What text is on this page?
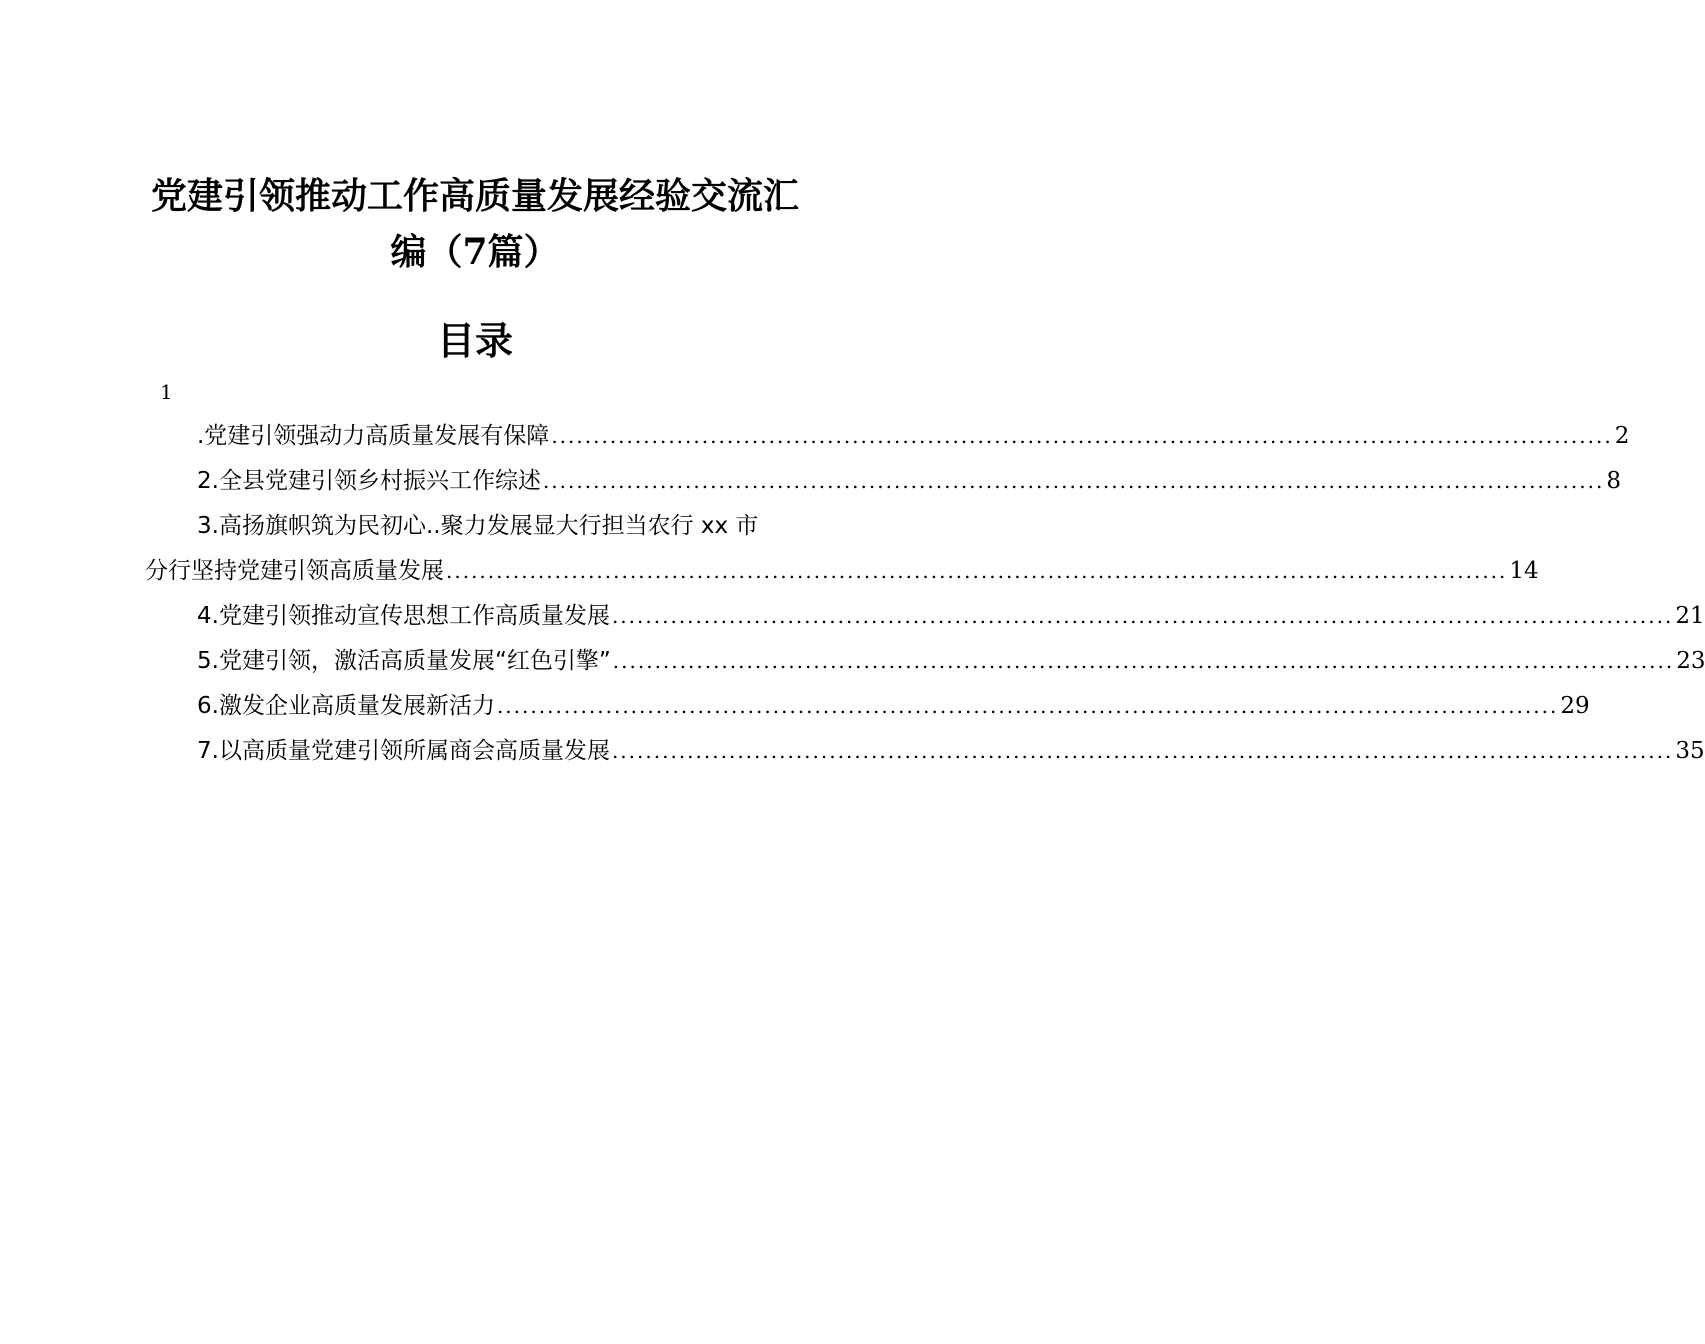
党建引领推动工作高质量发展经验交流汇编（7篇）
目录
1
.党建引领强动力高质量发展有保障 ............................................................................................................................... 2
2.全县党建引领乡村振兴工作综述 ............................................................................................................................... 8
3.高扬旗帜筑为民初心..聚力发展显大行担当农行 xx 市
分行坚持党建引领高质量发展 ............................................................................................................................... 14
4.党建引领推动宣传思想工作高质量发展 ............................................................................................................................... 21
5.党建引领，激活高质量发展“红色引擎” ............................................................................................................................... 23
6.激发企业高质量发展新活力 ............................................................................................................................... 29
7.以高质量党建引领所属商会高质量发展 ............................................................................................................................... 35
